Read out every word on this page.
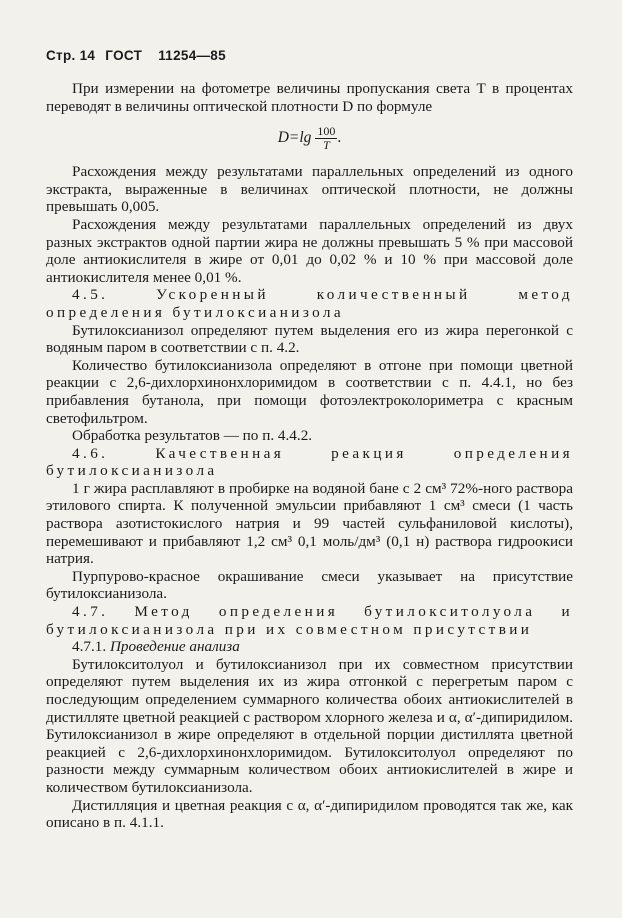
Стр. 14 ГОСТ 11254—85

При измерении на фотометре величины пропускания света T в процентах переводят в величины оптической плотности D по формуле

$D=\lg \frac{100}{T}$ .

Расхождения между результатами параллельных определений из одного экстракта, выраженные в величинах оптической плотности, не должны превышать 0,005.

Расхождения между результатами параллельных определений из двух разных экстрактов одной партии жира не должны превышать 5 % при массовой доле антиокислителя в жире от 0,01 до 0,02 % и 10 % при массовой доле антиокислителя менее 0,01 %.

4.5. Ускоренный количественный метод определения бутилоксианизола

Бутилоксианизол определяют путем выделения его из жира перегонкой с водяным паром в соответствии с п. 4.2.

Количество бутилоксианизола определяют в отгоне при помощи цветной реакции с 2,6-дихлорхинонхлоримидом в соответствии с п. 4.4.1, но без прибавления бутанола, при помощи фотоэлектроколориметра с красным светофильтром.

Обработка результатов — по п. 4.4.2.

4.6. Качественная реакция определения бутилоксианизола

1 г жира расплавляют в пробирке на водяной бане с 2 см³ 72%-ного раствора этилового спирта. К полученной эмульсии прибавляют 1 см³ смеси (1 часть раствора азотистокислого натрия и 99 частей сульфаниловой кислоты), перемешивают и прибавляют 1,2 см³ 0,1 моль/дм³ (0,1 н) раствора гидроокиси натрия.

Пурпурово-красное окрашивание смеси указывает на присутствие бутилоксианизола.

4.7. Метод определения бутилокситолуола и бутилоксианизола при их совместном присутствии

4.7.1. Проведение анализа

Бутилокситолуол и бутилоксианизол при их совместном присутствии определяют путем выделения их из жира отгонкой с перегретым паром с последующим определением суммарного количества обоих антиокислителей в дистилляте цветной реакцией с раствором хлорного железа и α, α′-дипиридилом. Бутилоксианизол в жире определяют в отдельной порции дистиллята цветной реакцией с 2,6-дихлорхинонхлоримидом. Бутилокситолуол определяют по разности между суммарным количеством обоих антиокислителей в жире и количеством бутилоксианизола.

Дистилляция и цветная реакция с α, α′-дипиридилом проводятся так же, как описано в п. 4.1.1.
